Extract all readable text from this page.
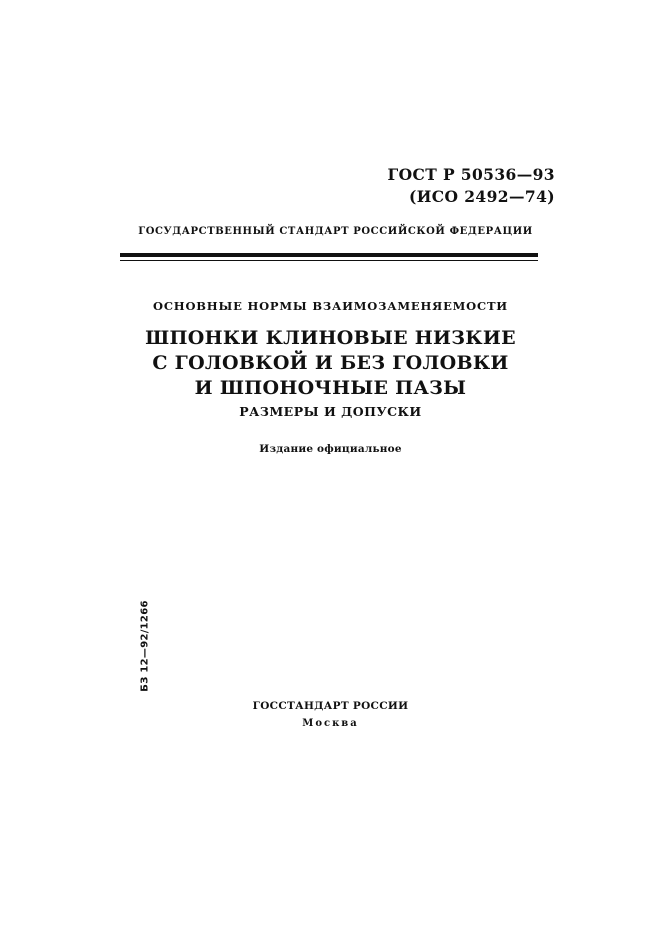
ГОСТ Р 50536—93
(ИСО 2492—74)
ГОСУДАРСТВЕННЫЙ СТАНДАРТ РОССИЙСКОЙ ФЕДЕРАЦИИ
ОСНОВНЫЕ НОРМЫ ВЗАИМОЗАМЕНЯЕМОСТИ
ШПОНКИ КЛИНОВЫЕ НИЗКИЕ
С ГОЛОВКОЙ И БЕЗ ГОЛОВКИ
И ШПОНОЧНЫЕ ПАЗЫ
РАЗМЕРЫ И ДОПУСКИ
Издание официальное
БЗ 12—92/1266
ГОССТАНДАРТ РОССИИ
Москва
